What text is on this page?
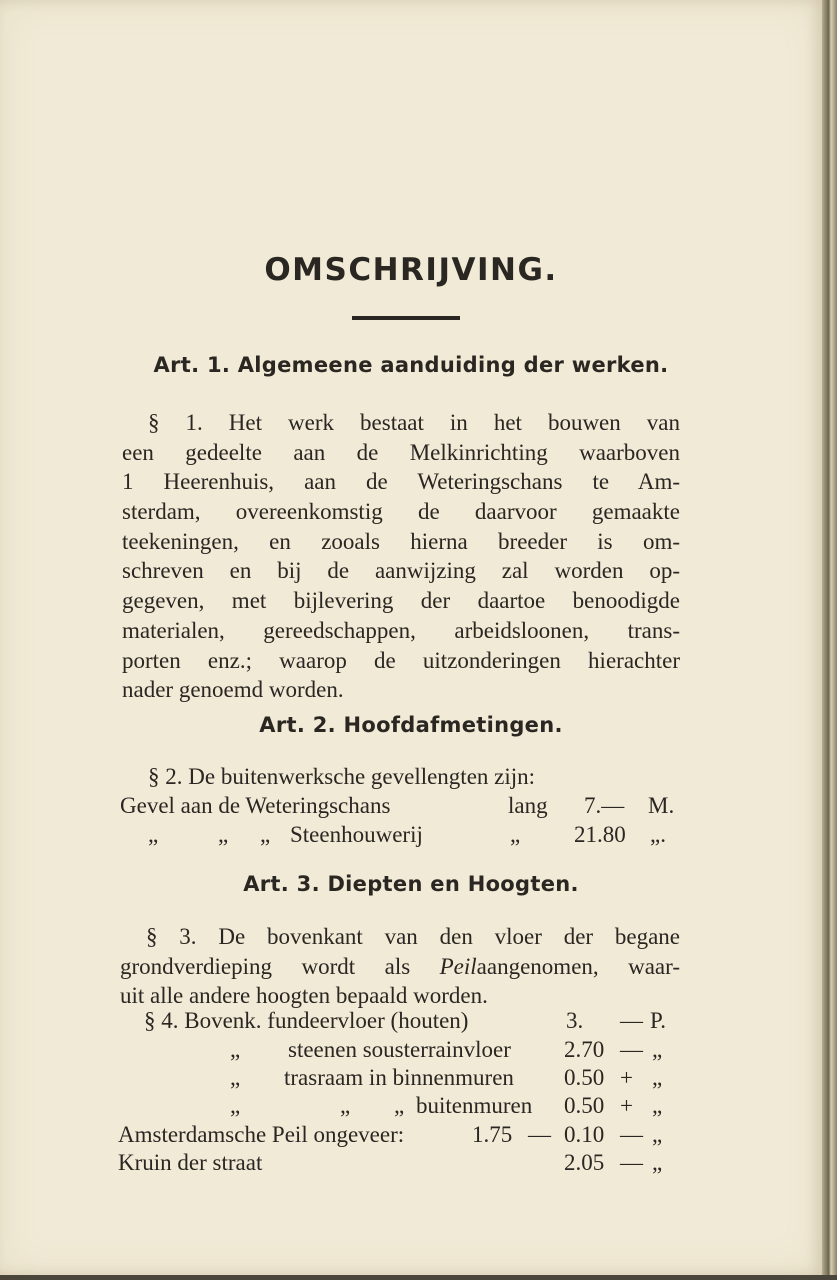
OMSCHRIJVING.
Art. 1. Algemeene aanduiding der werken.
§ 1. Het werk bestaat in het bouwen van
een gedeelte aan de Melkinrichting waarboven
1 Heerenhuis, aan de Weteringschans te Am-
sterdam, overeenkomstig de daarvoor gemaakte
teekeningen, en zooals hierna breeder is om-
schreven en bij de aanwijzing zal worden op-
gegeven, met bijlevering der daartoe benoodigde
materialen, gereedschappen, arbeidsloonen, trans-
porten enz.; waarop de uitzonderingen hierachter
nader genoemd worden.
Art. 2. Hoofdafmetingen.
§ 2. De buitenwerksche gevellengten zijn:
Gevel aan de Weteringschans	lang 7.— M.
„	„ „ Steenhouwerij	„ 21.80 „.
Art. 3. Diepten en Hoogten.
§ 3. De bovenkant van den vloer der begane
grondverdieping wordt als Peilaangenomen, waar-
uit alle andere hoogten bepaald worden.
§ 4. Bovenk. fundeervloer (houten)	3. — P.
„ steenen sousterrainvloer 2.70 — „
„ trasraam in binnenmuren 0.50 + „
„	„ „ buitenmuren 0.50 + „
Amsterdamsche Peil ongeveer:	1.75 — 0.10 — „
Kruin der straat	2.05 — „
